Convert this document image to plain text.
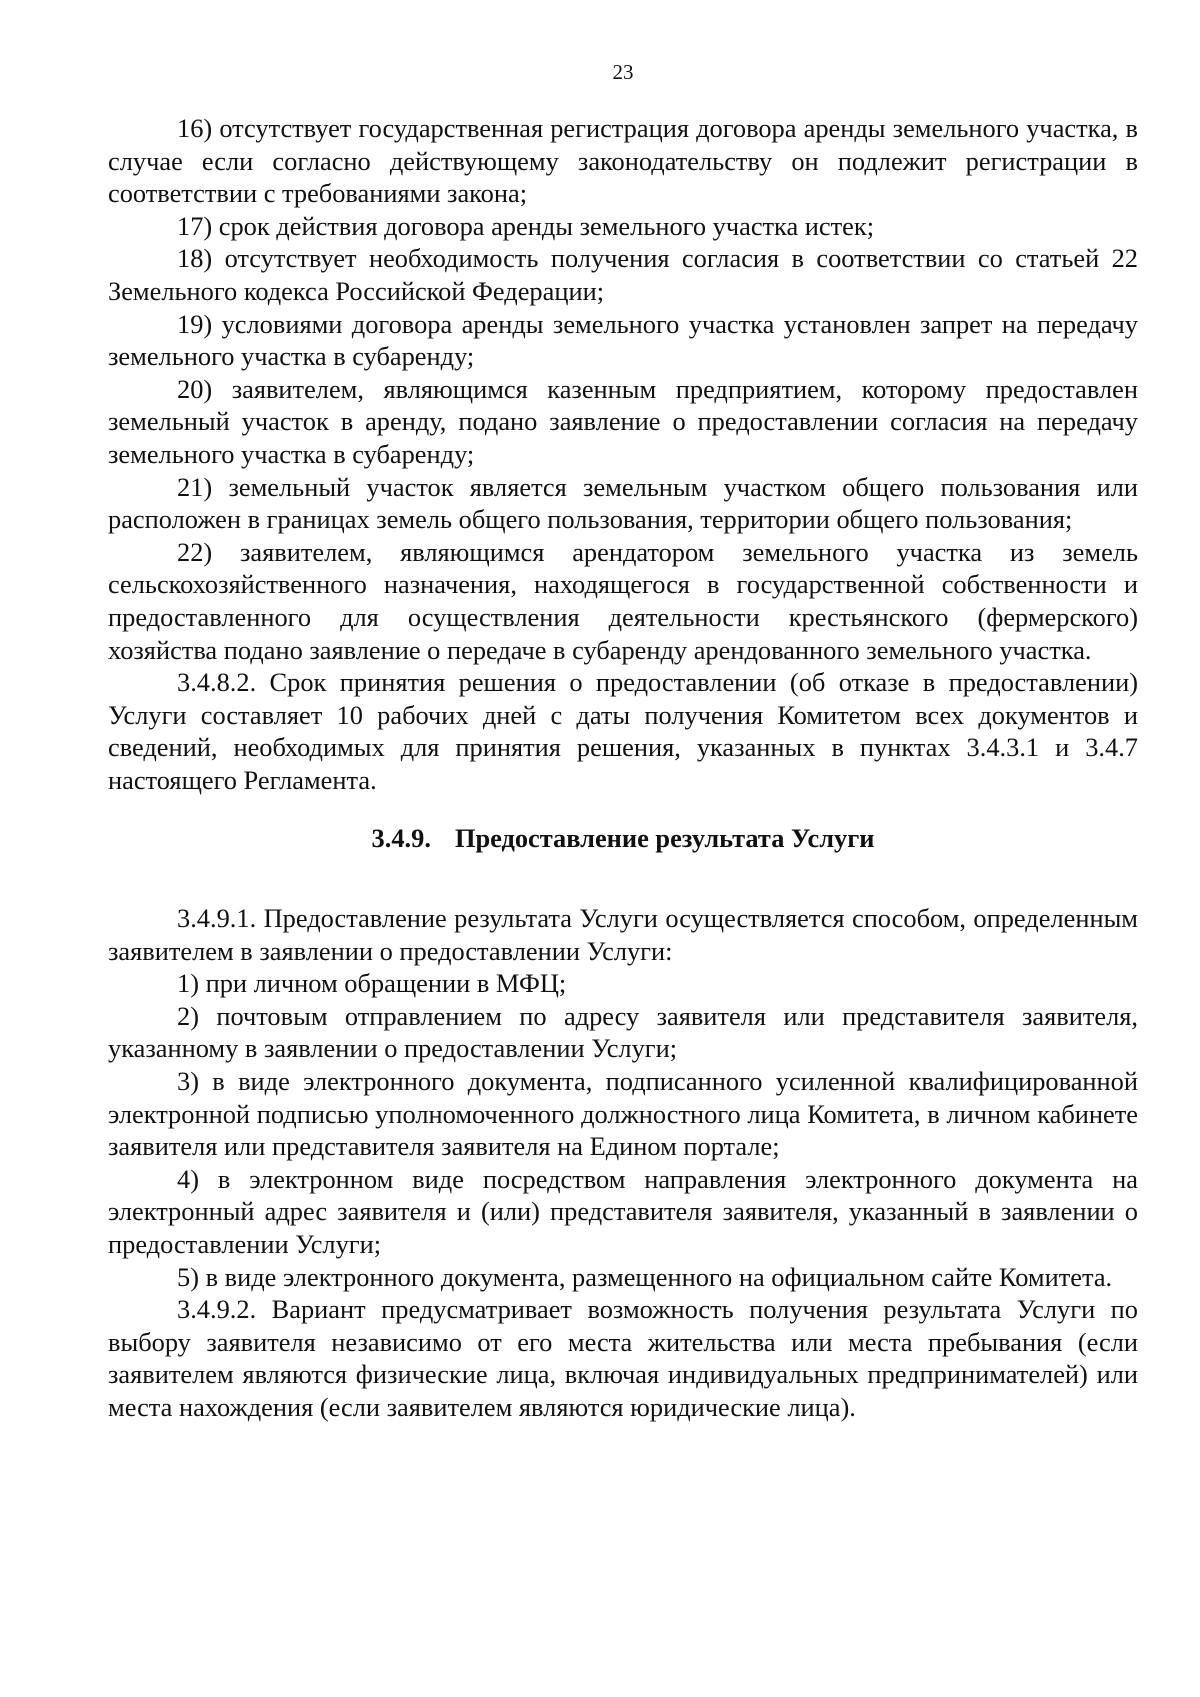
23

16) отсутствует государственная регистрация договора аренды земельного участка, в случае если согласно действующему законодательству он подлежит регистрации в соответствии с требованиями закона;

17) срок действия договора аренды земельного участка истек;

18) отсутствует необходимость получения согласия в соответствии со статьей 22 Земельного кодекса Российской Федерации;

19) условиями договора аренды земельного участка установлен запрет на передачу земельного участка в субаренду;

20) заявителем, являющимся казенным предприятием, которому предоставлен земельный участок в аренду, подано заявление о предоставлении согласия на передачу земельного участка в субаренду;

21) земельный участок является земельным участком общего пользования или расположен в границах земель общего пользования, территории общего пользования;

22) заявителем, являющимся арендатором земельного участка из земель сельскохозяйственного назначения, находящегося в государственной собственности и предоставленного для осуществления деятельности крестьянского (фермерского) хозяйства подано заявление о передаче в субаренду арендованного земельного участка.

3.4.8.2. Срок принятия решения о предоставлении (об отказе в предоставлении) Услуги составляет 10 рабочих дней с даты получения Комитетом всех документов и сведений, необходимых для принятия решения, указанных в пунктах 3.4.3.1 и 3.4.7 настоящего Регламента.

3.4.9. Предоставление результата Услуги

3.4.9.1. Предоставление результата Услуги осуществляется способом, определенным заявителем в заявлении о предоставлении Услуги:

1) при личном обращении в МФЦ;

2) почтовым отправлением по адресу заявителя или представителя заявителя, указанному в заявлении о предоставлении Услуги;

3) в виде электронного документа, подписанного усиленной квалифицированной электронной подписью уполномоченного должностного лица Комитета, в личном кабинете заявителя или представителя заявителя на Едином портале;

4) в электронном виде посредством направления электронного документа на электронный адрес заявителя и (или) представителя заявителя, указанный в заявлении о предоставлении Услуги;

5) в виде электронного документа, размещенного на официальном сайте Комитета.

3.4.9.2. Вариант предусматривает возможность получения результата Услуги по выбору заявителя независимо от его места жительства или места пребывания (если заявителем являются физические лица, включая индивидуальных предпринимателей) или места нахождения (если заявителем являются юридические лица).
